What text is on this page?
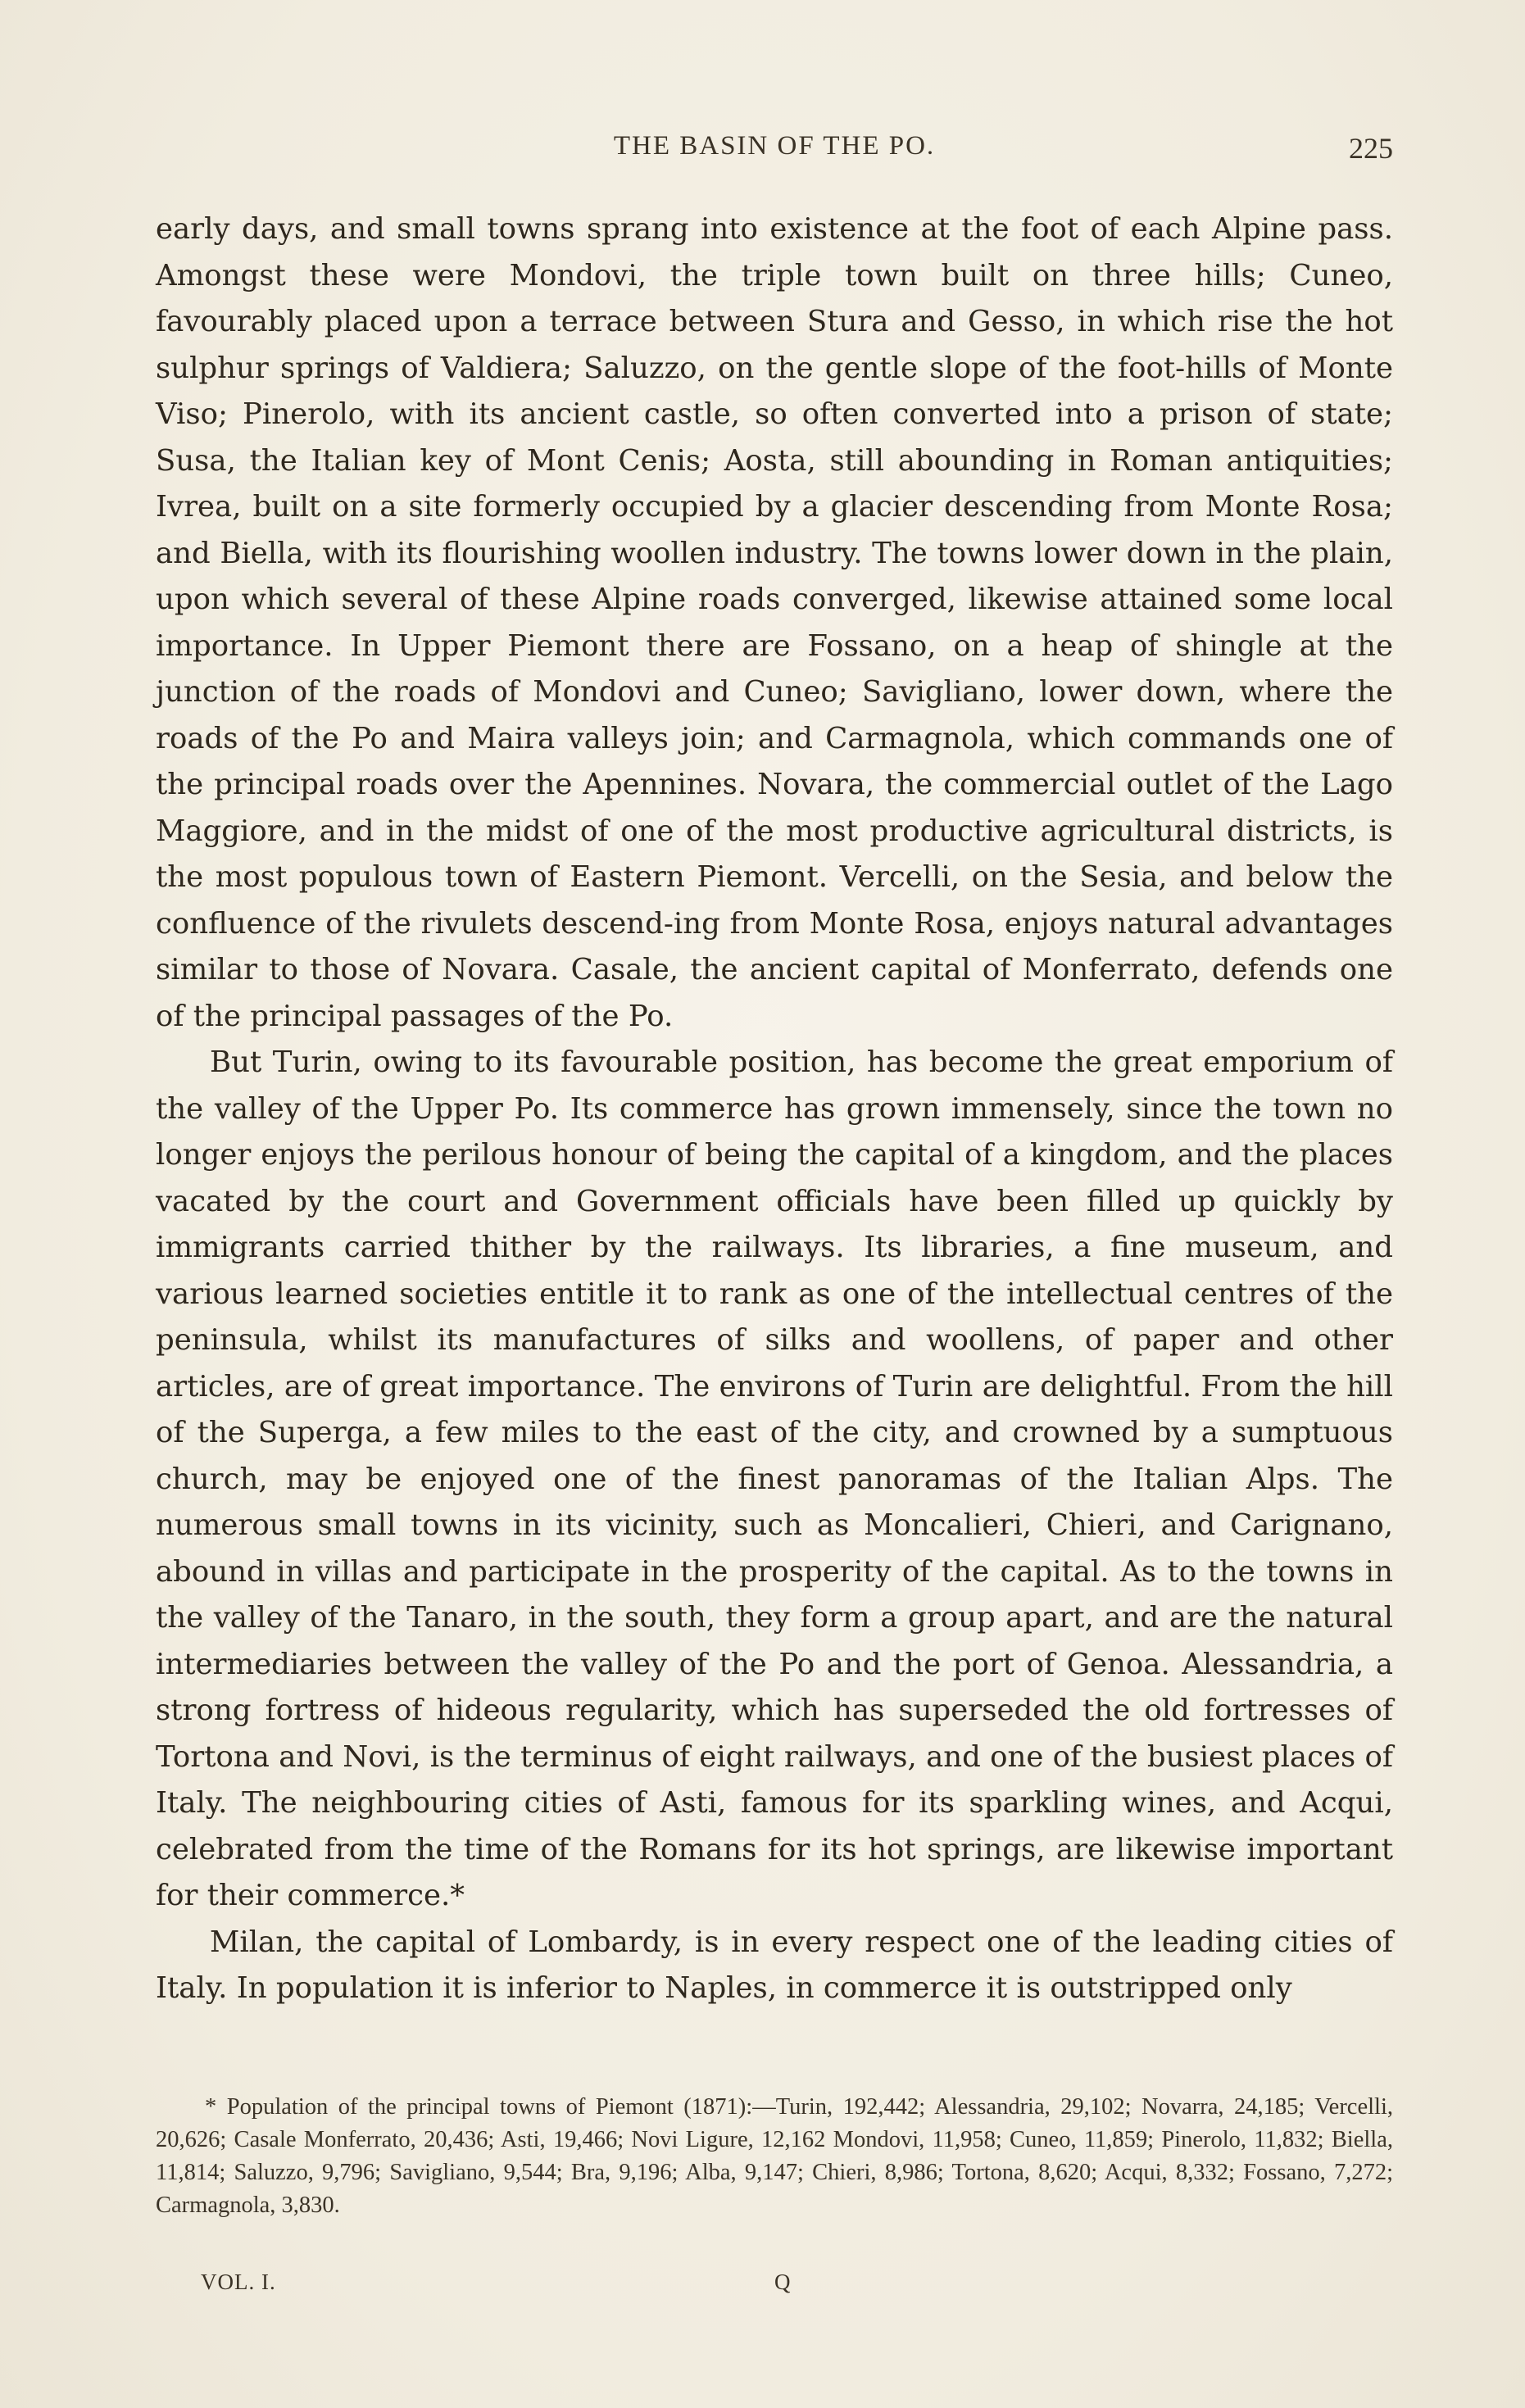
THE BASIN OF THE PO.	225

early days, and small towns sprang into existence at the foot of each Alpine pass. Amongst these were Mondovi, the triple town built on three hills; Cuneo, favourably placed upon a terrace between Stura and Gesso, in which rise the hot sulphur springs of Valdiera; Saluzzo, on the gentle slope of the foot-hills of Monte Viso; Pinerolo, with its ancient castle, so often converted into a prison of state; Susa, the Italian key of Mont Cenis; Aosta, still abounding in Roman antiquities; Ivrea, built on a site formerly occupied by a glacier descending from Monte Rosa; and Biella, with its flourishing woollen industry. The towns lower down in the plain, upon which several of these Alpine roads converged, likewise attained some local importance. In Upper Piemont there are Fossano, on a heap of shingle at the junction of the roads of Mondovi and Cuneo; Savigliano, lower down, where the roads of the Po and Maira valleys join; and Carmagnola, which commands one of the principal roads over the Apennines. Novara, the commercial outlet of the Lago Maggiore, and in the midst of one of the most productive agricultural districts, is the most populous town of Eastern Piemont. Vercelli, on the Sesia, and below the confluence of the rivulets descend-ing from Monte Rosa, enjoys natural advantages similar to those of Novara. Casale, the ancient capital of Monferrato, defends one of the principal passages of the Po.

But Turin, owing to its favourable position, has become the great emporium of the valley of the Upper Po. Its commerce has grown immensely, since the town no longer enjoys the perilous honour of being the capital of a kingdom, and the places vacated by the court and Government officials have been filled up quickly by immigrants carried thither by the railways. Its libraries, a fine museum, and various learned societies entitle it to rank as one of the intellectual centres of the peninsula, whilst its manufactures of silks and woollens, of paper and other articles, are of great importance. The environs of Turin are delightful. From the hill of the Superga, a few miles to the east of the city, and crowned by a sumptuous church, may be enjoyed one of the finest panoramas of the Italian Alps. The numerous small towns in its vicinity, such as Moncalieri, Chieri, and Carignano, abound in villas and participate in the prosperity of the capital. As to the towns in the valley of the Tanaro, in the south, they form a group apart, and are the natural intermediaries between the valley of the Po and the port of Genoa. Alessandria, a strong fortress of hideous regularity, which has superseded the old fortresses of Tortona and Novi, is the terminus of eight railways, and one of the busiest places of Italy. The neighbouring cities of Asti, famous for its sparkling wines, and Acqui, celebrated from the time of the Romans for its hot springs, are likewise important for their commerce.*

Milan, the capital of Lombardy, is in every respect one of the leading cities of Italy. In population it is inferior to Naples, in commerce it is outstripped only

* Population of the principal towns of Piemont (1871):—Turin, 192,442; Alessandria, 29,102; Novarra, 24,185; Vercelli, 20,626; Casale Monferrato, 20,436; Asti, 19,466; Novi Ligure, 12,162 Mondovi, 11,958; Cuneo, 11,859; Pinerolo, 11,832; Biella, 11,814; Saluzzo, 9,796; Savigliano, 9,544; Bra, 9,196; Alba, 9,147; Chieri, 8,986; Tortona, 8,620; Acqui, 8,332; Fossano, 7,272; Carmagnola, 3,830.
VOL. I.	Q
